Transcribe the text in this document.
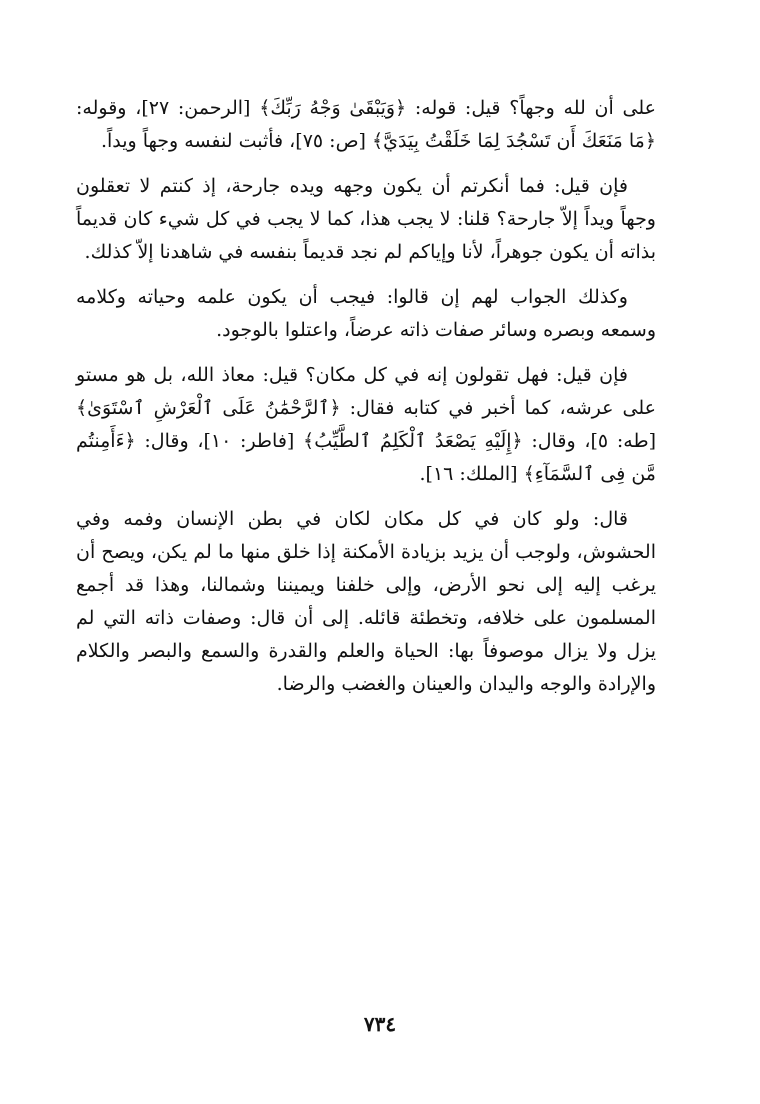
على أن لله وجهاً؟ قيل: قوله: ﴿وَيَبْقَىٰ وَجْهُ رَبِّكَ﴾ [الرحمن: ٢٧]، وقوله: ﴿مَا مَنَعَكَ أَن تَسْجُدَ لِمَا خَلَقْتُ بِيَدَيَّ﴾ [ص: ٧٥]، فأثبت لنفسه وجهاً ويداً.

فإن قيل: فما أنكرتم أن يكون وجهه ويده جارحة، إذ كنتم لا تعقلون وجهاً ويداً إلاّ جارحة؟ قلنا: لا يجب هذا، كما لا يجب في كل شيء كان قديماً بذاته أن يكون جوهراً، لأنا وإياكم لم نجد قديماً بنفسه في شاهدنا إلاّ كذلك.

وكذلك الجواب لهم إن قالوا: فيجب أن يكون علمه وحياته وكلامه وسمعه وبصره وسائر صفات ذاته عرضاً، واعتلوا بالوجود.

فإن قيل: فهل تقولون إنه في كل مكان؟ قيل: معاذ الله، بل هو مستو على عرشه، كما أخبر في كتابه فقال: ﴿ٱلرَّحْمَٰنُ عَلَى ٱلْعَرْشِ ٱسْتَوَىٰ﴾ [طه: ٥]، وقال: ﴿إِلَيْهِ يَصْعَدُ ٱلْكَلِمُ ٱلطَّيِّبُ﴾ [فاطر: ١٠]، وقال: ﴿ءَأَمِنتُم مَّن فِى ٱلسَّمَآءِ﴾ [الملك: ١٦].

قال: ولو كان في كل مكان لكان في بطن الإنسان وفمه وفي الحشوش، ولوجب أن يزيد بزيادة الأمكنة إذا خلق منها ما لم يكن، ويصح أن يرغب إليه إلى نحو الأرض، وإلى خلفنا ويميننا وشمالنا، وهذا قد أجمع المسلمون على خلافه، وتخطئة قائله. إلى أن قال: وصفات ذاته التي لم يزل ولا يزال موصوفاً بها: الحياة والعلم والقدرة والسمع والبصر والكلام والإرادة والوجه واليدان والعينان والغضب والرضا.

٧٣٤
